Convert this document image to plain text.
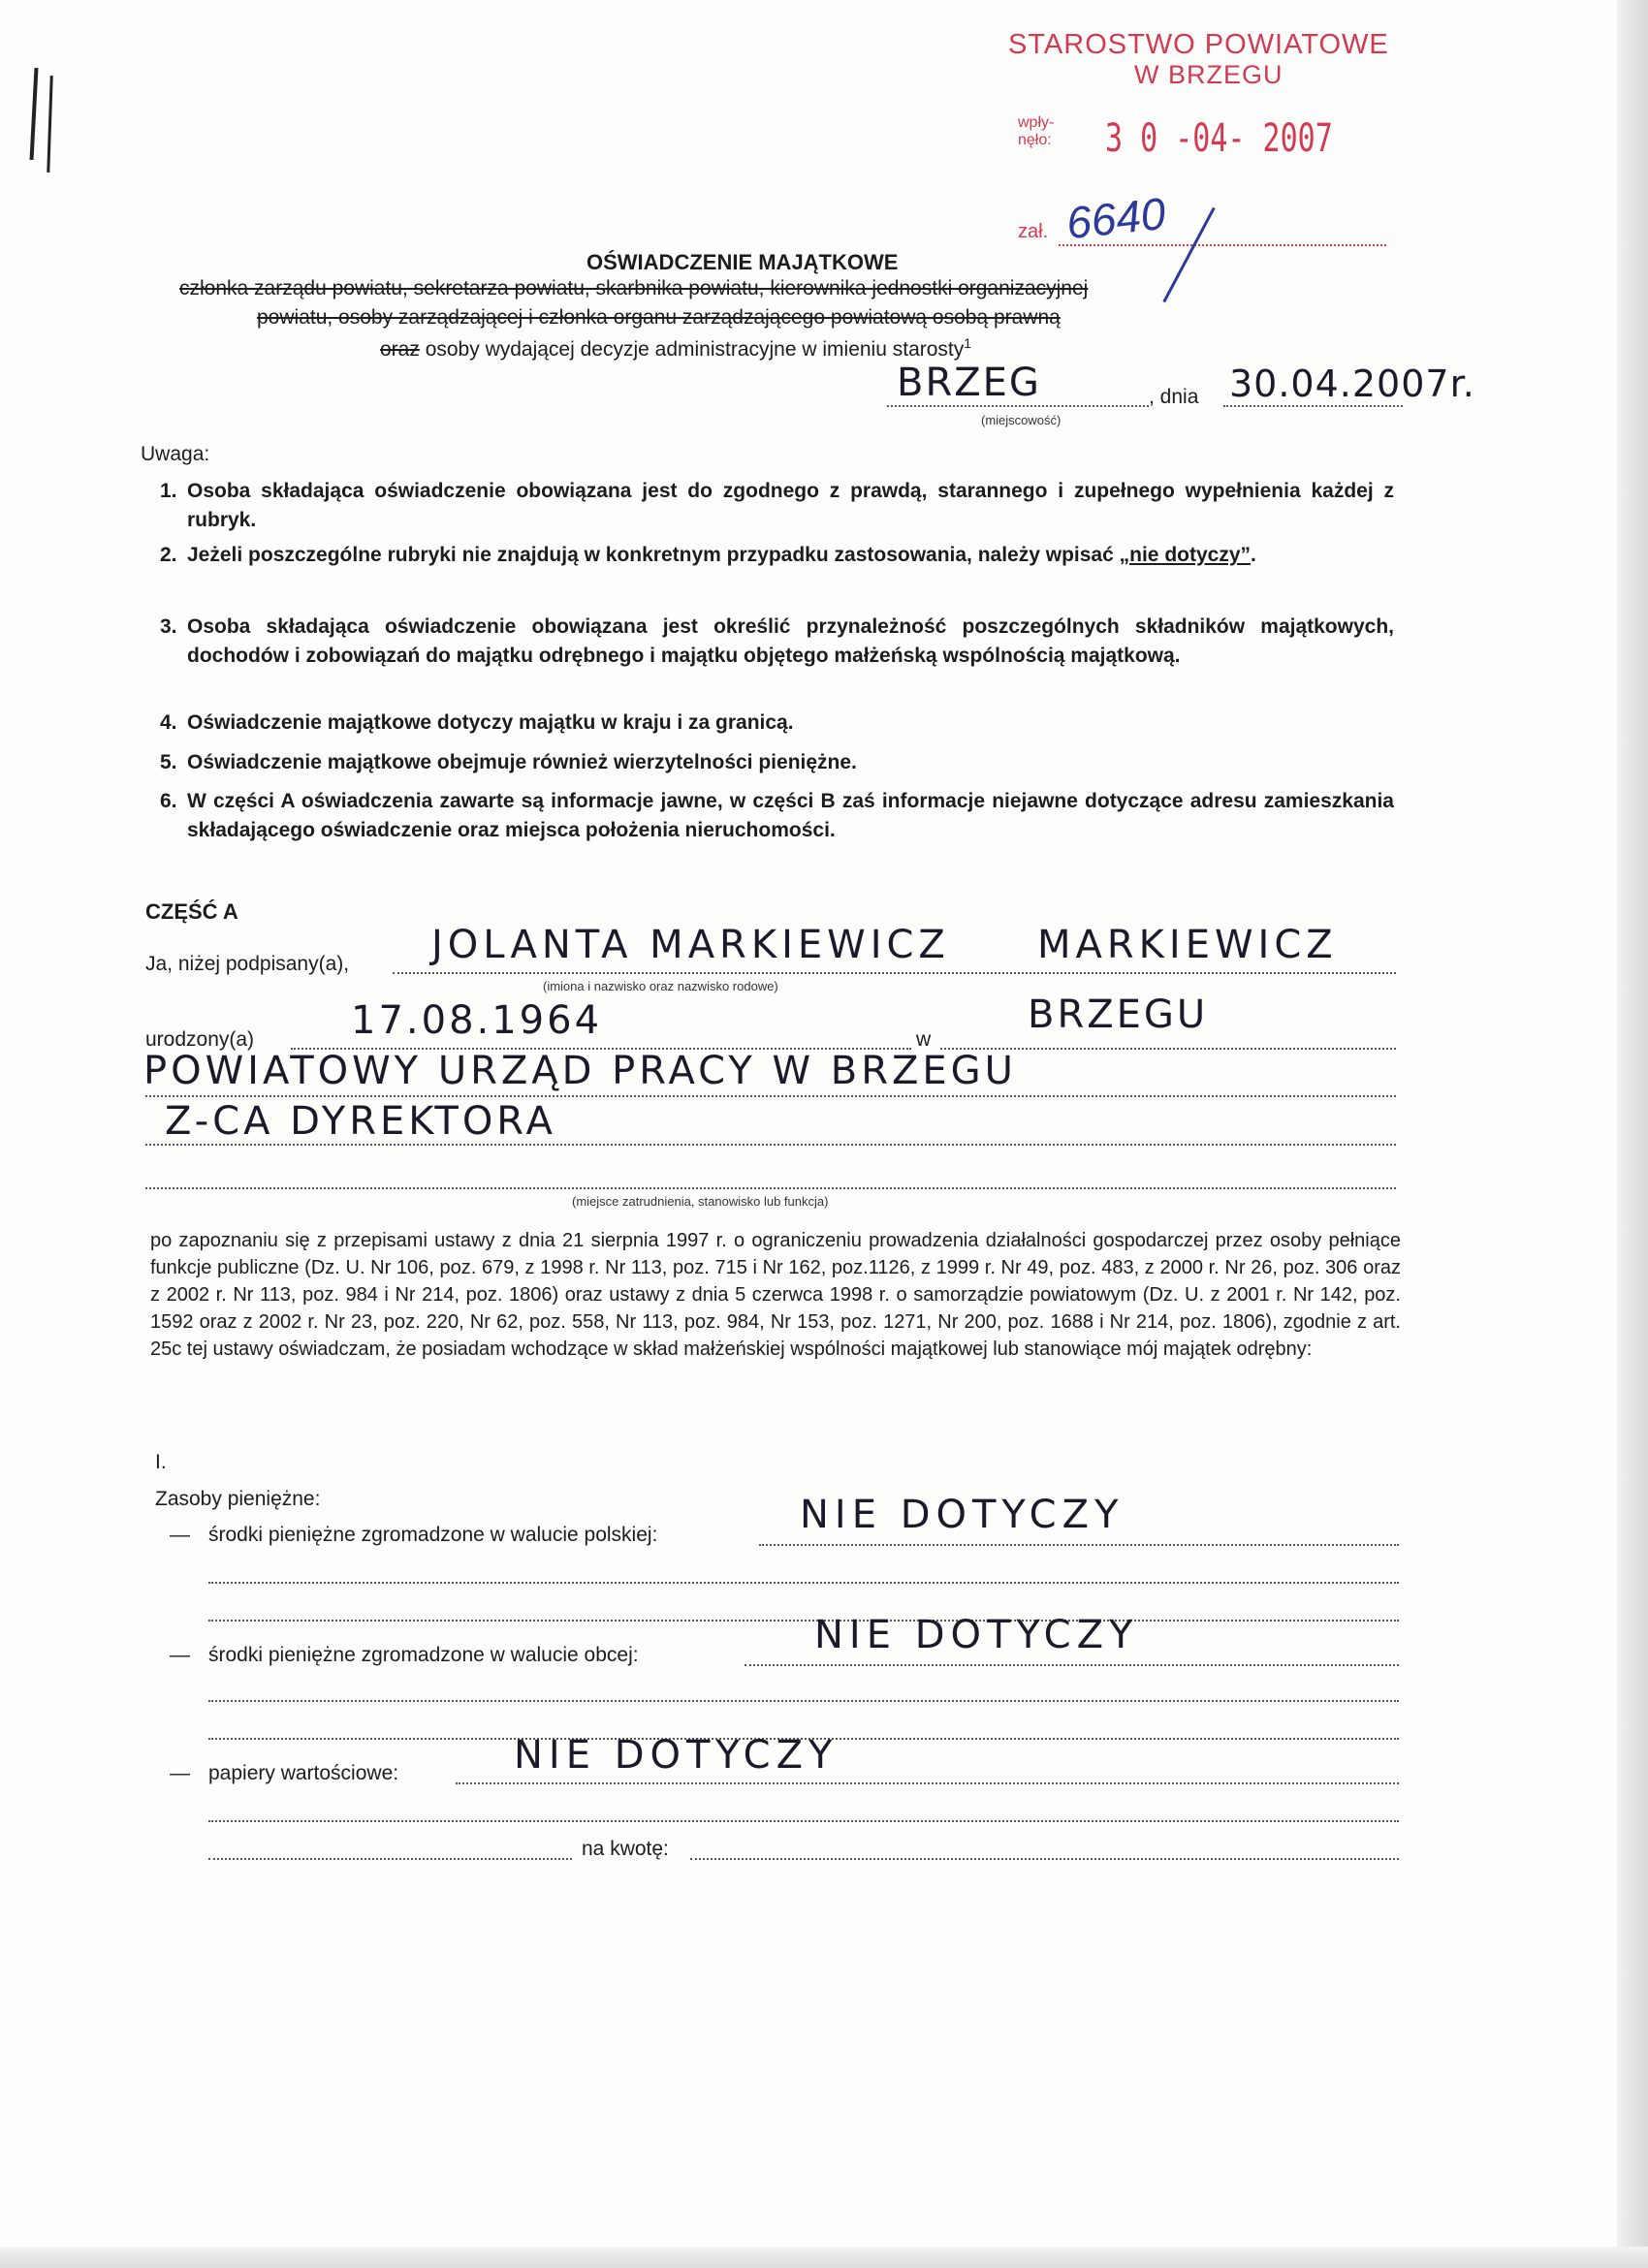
STAROSTWO POWIATOWE
W BRZEGU
wpły-
nęło: 3 0 -04- 2007
zał. 6640
OŚWIADCZENIE MAJĄTKOWE
członka zarządu powiatu, sekretarza powiatu, skarbnika powiatu, kierownika jednostki organizacyjnej
powiatu, osoby zarządzającej i członka organu zarządzającego powiatową osobą prawną
oraz osoby wydającej decyzje administracyjne w imieniu starosty$^1$
BRZEG	, dnia 30.04.2007r.
(miejscowość)
Uwaga:
1. Osoba składająca oświadczenie obowiązana jest do zgodnego z prawdą, starannego i zupełnego wypełnienia każdej z rubryk.
2. Jeżeli poszczególne rubryki nie znajdują w konkretnym przypadku zastosowania, należy wpisać „nie dotyczy”.
3. Osoba składająca oświadczenie obowiązana jest określić przynależność poszczególnych składników majątkowych, dochodów i zobowiązań do majątku odrębnego i majątku objętego małżeńską wspólnością majątkową.
4. Oświadczenie majątkowe dotyczy majątku w kraju i za granicą.
5. Oświadczenie majątkowe obejmuje również wierzytelności pieniężne.
6. W części A oświadczenia zawarte są informacje jawne, w części B zaś informacje niejawne dotyczące adresu zamieszkania składającego oświadczenie oraz miejsca położenia nieruchomości.
CZĘŚĆ A
Ja, niżej podpisany(a), JOLANTA MARKIEWICZ MARKIEWICZ
(imiona i nazwisko oraz nazwisko rodowe)
urodzony(a) 17.08.1964	w
BRZEGU
POWIATOWY URZĄD PRACY W BRZEGU
Z-CA DYREKTORA
(miejsce zatrudnienia, stanowisko lub funkcja)
po zapoznaniu się z przepisami ustawy z dnia 21 sierpnia 1997 r. o ograniczeniu prowadzenia działalności gospodarczej przez osoby pełniące funkcje publiczne (Dz. U. Nr 106, poz. 679, z 1998 r. Nr 113, poz. 715 i Nr 162, poz.1126, z 1999 r. Nr 49, poz. 483, z 2000 r. Nr 26, poz. 306 oraz z 2002 r. Nr 113, poz. 984 i Nr 214, poz. 1806) oraz ustawy z dnia 5 czerwca 1998 r. o samorządzie powiatowym (Dz. U. z 2001 r. Nr 142, poz. 1592 oraz z 2002 r. Nr 23, poz. 220, Nr 62, poz. 558, Nr 113, poz. 984, Nr 153, poz. 1271, Nr 200, poz. 1688 i Nr 214, poz. 1806), zgodnie z art. 25c tej ustawy oświadczam, że posiadam wchodzące w skład małżeńskiej wspólności majątkowej lub stanowiące mój majątek odrębny:
I.
Zasoby pieniężne:
— środki pieniężne zgromadzone w walucie polskiej:	NIE DOTYCZY
— środki pieniężne zgromadzone w walucie obcej:	NIE DOTYCZY
— papiery wartościowe:	NIE DOTYCZY
na kwotę:
